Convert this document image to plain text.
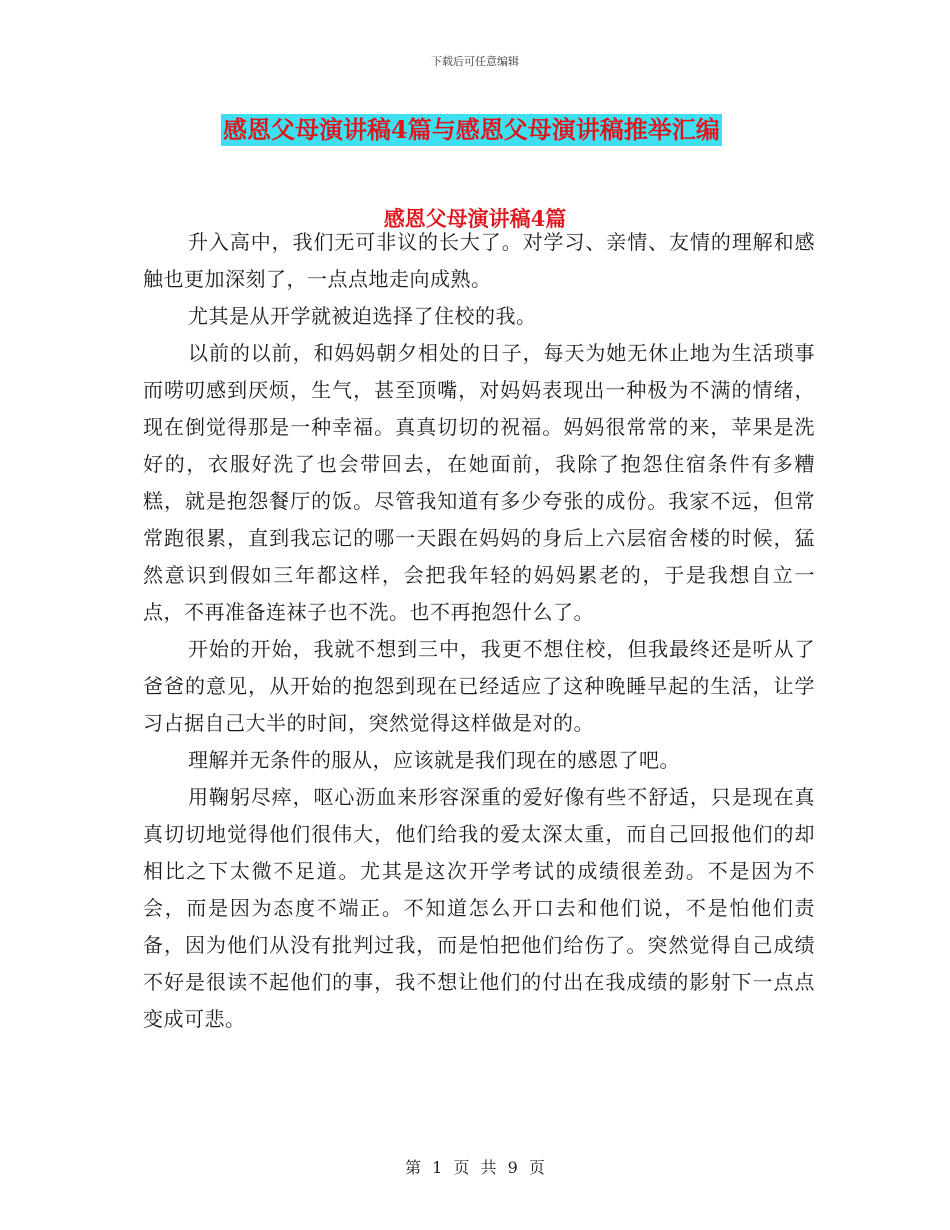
下载后可任意编辑
感恩父母演讲稿4篇与感恩父母演讲稿推举汇编
感恩父母演讲稿4篇

升入高中，我们无可非议的长大了。对学习、亲情、友情的理解和感触也更加深刻了，一点点地走向成熟。

尤其是从开学就被迫选择了住校的我。

以前的以前，和妈妈朝夕相处的日子，每天为她无休止地为生活琐事而唠叨感到厌烦，生气，甚至顶嘴，对妈妈表现出一种极为不满的情绪，现在倒觉得那是一种幸福。真真切切的祝福。妈妈很常常的来，苹果是洗好的，衣服好洗了也会带回去，在她面前，我除了抱怨住宿条件有多糟糕，就是抱怨餐厅的饭。尽管我知道有多少夸张的成份。我家不远，但常常跑很累，直到我忘记的哪一天跟在妈妈的身后上六层宿舍楼的时候，猛然意识到假如三年都这样，会把我年轻的妈妈累老的，于是我想自立一点，不再准备连袜子也不洗。也不再抱怨什么了。

开始的开始，我就不想到三中，我更不想住校，但我最终还是听从了爸爸的意见，从开始的抱怨到现在已经适应了这种晚睡早起的生活，让学习占据自己大半的时间，突然觉得这样做是对的。

理解并无条件的服从，应该就是我们现在的感恩了吧。

用鞠躬尽瘁，呕心沥血来形容深重的爱好像有些不舒适，只是现在真真切切地觉得他们很伟大，他们给我的爱太深太重，而自己回报他们的却相比之下太微不足道。尤其是这次开学考试的成绩很差劲。不是因为不会，而是因为态度不端正。不知道怎么开口去和他们说，不是怕他们责备，因为他们从没有批判过我，而是怕把他们给伤了。突然觉得自己成绩不好是很读不起他们的事，我不想让他们的付出在我成绩的影射下一点点变成可悲。

第 1 页 共 9 页
